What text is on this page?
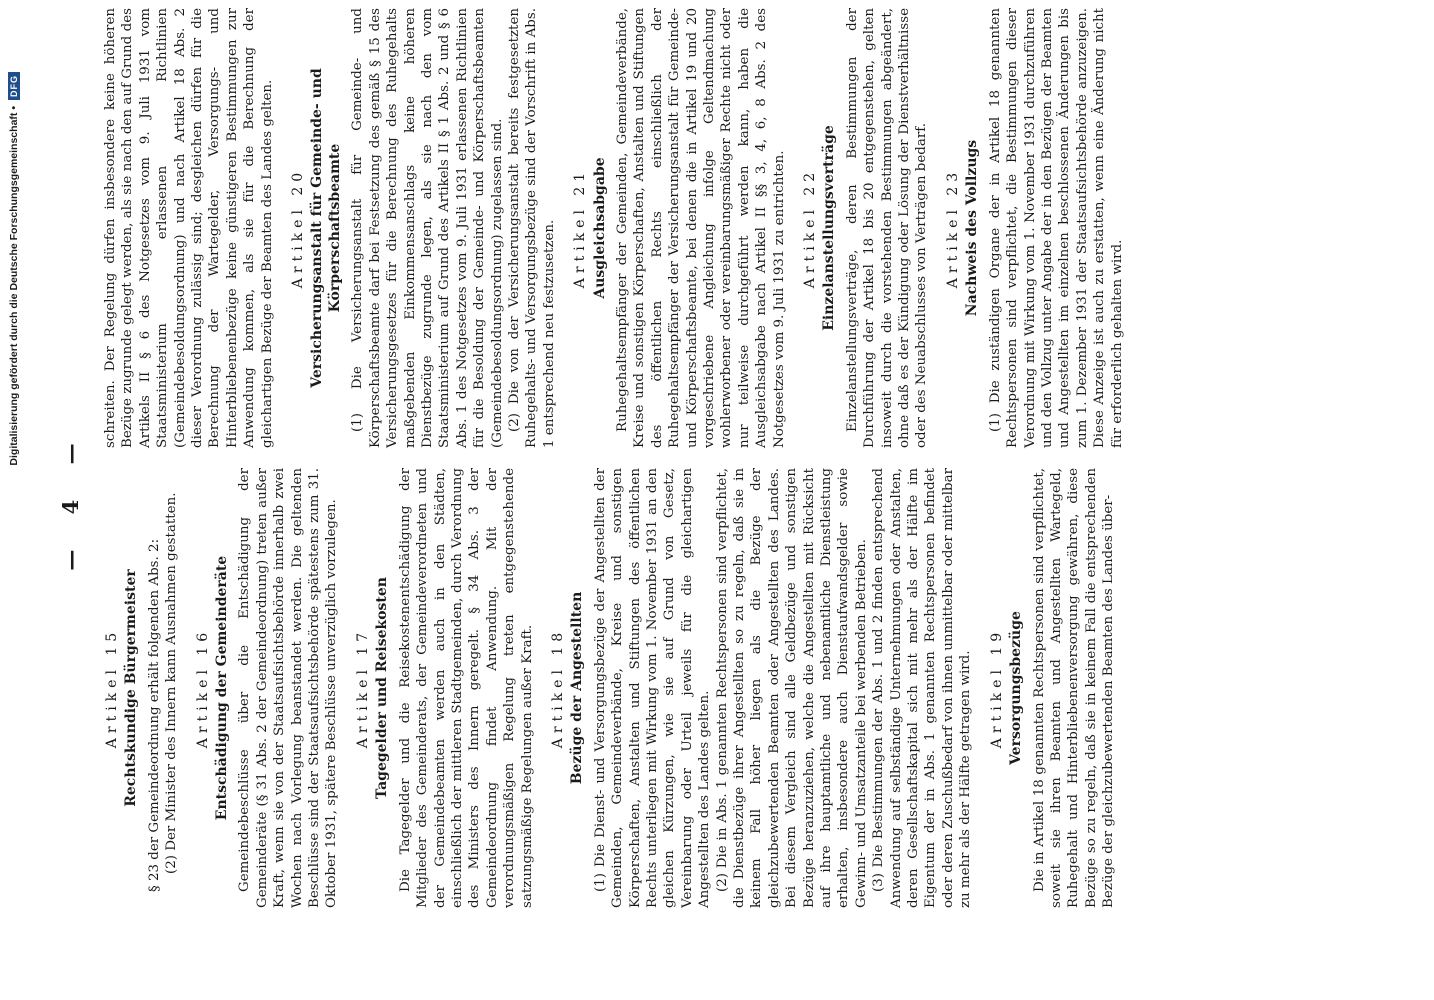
Digitalisierung gefördert durch die Deutsche Forschungsgemeinschaft •
DFG
— 4 —
Artikel 15 Rechtskundige Bürgermeister § 23 der Gemeindeordnung erhält folgenden Abs. 2: (2) Der Minister des Innern kann Ausnahmen gestatten. Artikel 16 Entschädigung der Gemeinderäte Gemeindebeschlüsse über die Entschädigung der Gemeinderäte (§ 31 Abs. 2 der Gemeindeordnung) treten außer Kraft, wenn sie von der Staatsaufsichtsbehörde innerhalb zwei Wochen nach Vorlegung beanstandet werden. Die geltenden Beschlüsse sind der Staatsaufsichtsbehörde spätestens zum 31. Oktober 1931, spätere Beschlüsse unverzüglich vorzulegen. Artikel 17 Tagegelder und Reisekosten Die Tagegelder und die Reisekostenentschädigung der Mitglieder des Gemeinderats, der Gemeindeverordneten und der Gemeindebeamten werden auch in den Städten, einschließlich der mittleren Stadtgemeinden, durch Verordnung des Ministers des Innern geregelt. § 34 Abs. 3 der Gemeindeordnung findet Anwendung. Mit der verordnungsmäßigen Regelung treten entgegenstehende satzungsmäßige Regelungen außer Kraft. Artikel 18 Bezüge der Angestellten (1) Die Dienst- und Versorgungsbezüge der Angestellten der Gemeinden, Gemeindeverbände, Kreise und sonstigen Körperschaften, Anstalten und Stiftungen des öffentlichen Rechts unterliegen mit Wirkung vom 1. November 1931 an den gleichen Kürzungen, wie sie auf Grund von Gesetz, Vereinbarung oder Urteil jeweils für die gleichartigen Angestellten des Landes gelten. (2) Die in Abs. 1 genannten Rechtspersonen sind verpflichtet, die Dienstbezüge ihrer Angestellten so zu regeln, daß sie in keinem Fall höher liegen als die Bezüge der gleichzubewertenden Beamten oder Angestellten des Landes. Bei diesem Vergleich sind alle Geldbezüge und sonstigen Bezüge heranzuziehen, welche die Angestellten mit Rücksicht auf ihre hauptamtliche und nebenamtliche Dienstleistung erhalten, insbesondere auch Dienstaufwandsgelder sowie Gewinn- und Umsatzanteile bei werbenden Betrieben. (3) Die Bestimmungen der Abs. 1 und 2 finden entsprechend Anwendung auf selbständige Unternehmungen oder Anstalten, deren Gesellschaftskapital sich mit mehr als der Hälfte im Eigentum der in Abs. 1 genannten Rechtspersonen befindet oder deren Zuschußbedarf von ihnen unmittelbar oder mittelbar zu mehr als der Hälfte getragen wird. Artikel 19 Versorgungsbezüge Die in Artikel 18 genannten Rechtspersonen sind verpflichtet, soweit sie ihren Beamten und Angestellten Wartegeld, Ruhegehalt und Hinterbliebenenversorgung gewähren, diese Bezüge so zu regeln, daß sie in keinem Fall die entsprechenden Bezüge der gleichzubewertenden Beamten des Landes über-
schreiten. Der Regelung dürfen insbesondere keine höheren Bezüge zugrunde gelegt werden, als sie nach den auf Grund des Artikels II § 6 des Notgesetzes vom 9. Juli 1931 vom Staatsministerium erlassenen Richtlinien (Gemeindebesoldungsordnung) und nach Artikel 18 Abs. 2 dieser Verordnung zulässig sind; desgleichen dürfen für die Berechnung der Wartegelder, Versorgungs- und Hinterbliebenenbezüge keine günstigeren Bestimmungen zur Anwendung kommen, als sie für die Berechnung der gleichartigen Bezüge der Beamten des Landes gelten. Artikel 20 Versicherungsanstalt für Gemeinde- und Körperschaftsbeamte (1) Die Versicherungsanstalt für Gemeinde- und Körperschaftsbeamte darf bei Festsetzung des gemäß § 15 des Versicherungsgesetzes für die Berechnung des Ruhegehalts maßgebenden Einkommensanschlags keine höheren Dienstbezüge zugrunde legen, als sie nach den vom Staatsministerium auf Grund des Artikels II § 1 Abs. 2 und § 6 Abs. 1 des Notgesetzes vom 9. Juli 1931 erlassenen Richtlinien für die Besoldung der Gemeinde- und Körperschaftsbeamten (Gemeindebesoldungsordnung) zugelassen sind. (2) Die von der Versicherungsanstalt bereits festgesetzten Ruhegehalts- und Versorgungsbezüge sind der Vorschrift in Abs. 1 entsprechend neu festzusetzen. Artikel 21 Ausgleichsabgabe Ruhegehaltsempfänger der Gemeinden, Gemeindeverbände, Kreise und sonstigen Körperschaften, Anstalten und Stiftungen des öffentlichen Rechts einschließlich der Ruhegehaltsempfänger der Versicherungsanstalt für Gemeinde- und Körperschaftsbeamte, bei denen die in Artikel 19 und 20 vorgeschriebene Angleichung infolge Geltendmachung wohlerworbener oder vereinbarungsmäßiger Rechte nicht oder nur teilweise durchgeführt werden kann, haben die Ausgleichsabgabe nach Artikel II §§ 3, 4, 6, 8 Abs. 2 des Notgesetzes vom 9. Juli 1931 zu entrichten. Artikel 22 Einzelanstellungsverträge Einzelanstellungsverträge, deren Bestimmungen der Durchführung der Artikel 18 bis 20 entgegenstehen, gelten insoweit durch die vorstehenden Bestimmungen abgeändert, ohne daß es der Kündigung oder Lösung der Dienstverhältnisse oder des Neuabschlusses von Verträgen bedarf. Artikel 23 Nachweis des Vollzugs (1) Die zuständigen Organe der in Artikel 18 genannten Rechtspersonen sind verpflichtet, die Bestimmungen dieser Verordnung mit Wirkung vom 1. November 1931 durchzuführen und den Vollzug unter Angabe der in den Bezügen der Beamten und Angestellten im einzelnen beschlossenen Änderungen bis zum 1. Dezember 1931 der Staatsaufsichtsbehörde anzuzeigen. Diese Anzeige ist auch zu erstatten, wenn eine Änderung nicht für erforderlich gehalten wird.
